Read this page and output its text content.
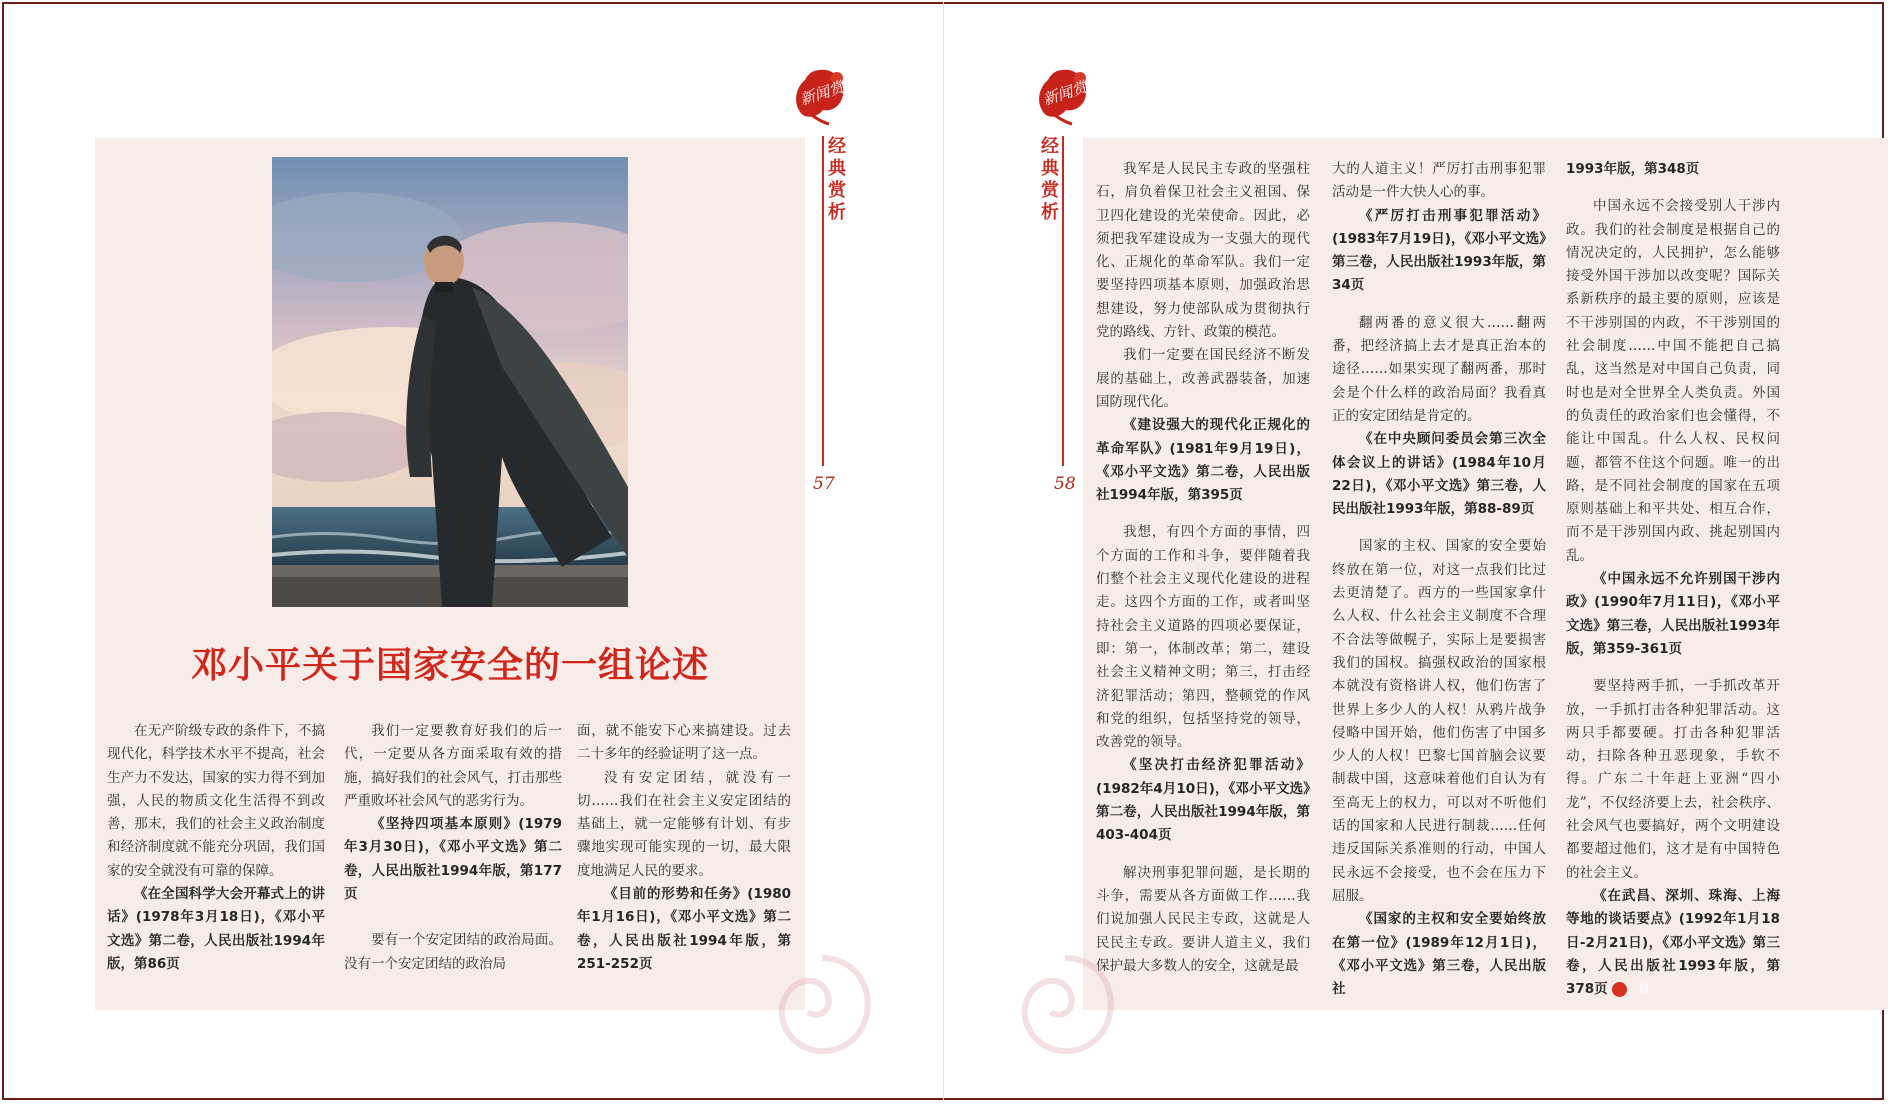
新闻赏析
经典赏析
57
邓小平关于国家安全的一组论述

在无产阶级专政的条件下，不搞现代化，科学技术水平不提高，社会生产力不发达，国家的实力得不到加强，人民的物质文化生活得不到改善，那末，我们的社会主义政治制度和经济制度就不能充分巩固，我们国家的安全就没有可靠的保障。

《在全国科学大会开幕式上的讲话》(1978年3月18日)，《邓小平文选》第二卷，人民出版社1994年版，第86页

我们一定要教育好我们的后一代，一定要从各方面采取有效的措施，搞好我们的社会风气，打击那些严重败坏社会风气的恶劣行为。

《坚持四项基本原则》(1979年3月30日)，《邓小平文选》第二卷，人民出版社1994年版，第177页

要有一个安定团结的政治局面。没有一个安定团结的政治局

面，就不能安下心来搞建设。过去二十多年的经验证明了这一点。

没有安定团结，就没有一切……我们在社会主义安定团结的基础上，就一定能够有计划、有步骤地实现可能实现的一切，最大限度地满足人民的要求。

《目前的形势和任务》(1980年1月16日)，《邓小平文选》第二卷，人民出版社1994年版，第251-252页

新闻赏析
经典赏析
58

我军是人民民主专政的坚强柱石，肩负着保卫社会主义祖国、保卫四化建设的光荣使命。因此，必须把我军建设成为一支强大的现代化、正规化的革命军队。我们一定要坚持四项基本原则，加强政治思想建设，努力使部队成为贯彻执行党的路线、方针、政策的模范。

我们一定要在国民经济不断发展的基础上，改善武器装备，加速国防现代化。

《建设强大的现代化正规化的革命军队》(1981年9月19日)，《邓小平文选》第二卷，人民出版社1994年版，第395页

我想，有四个方面的事情，四个方面的工作和斗争，要伴随着我们整个社会主义现代化建设的进程走。这四个方面的工作，或者叫坚持社会主义道路的四项必要保证，即：第一，体制改革；第二，建设社会主义精神文明；第三，打击经济犯罪活动；第四，整顿党的作风和党的组织，包括坚持党的领导，改善党的领导。

《坚决打击经济犯罪活动》(1982年4月10日)，《邓小平文选》第二卷，人民出版社1994年版，第403-404页

解决刑事犯罪问题，是长期的斗争，需要从各方面做工作……我们说加强人民民主专政，这就是人民民主专政。要讲人道主义，我们保护最大多数人的安全，这就是最

大的人道主义！严厉打击刑事犯罪活动是一件大快人心的事。

《严厉打击刑事犯罪活动》(1983年7月19日)，《邓小平文选》第三卷，人民出版社1993年版，第34页

翻两番的意义很大……翻两番，把经济搞上去才是真正治本的途径……如果实现了翻两番，那时会是个什么样的政治局面？我看真正的安定团结是肯定的。

《在中央顾问委员会第三次全体会议上的讲话》(1984年10月22日)，《邓小平文选》第三卷，人民出版社1993年版，第88-89页

国家的主权、国家的安全要始终放在第一位，对这一点我们比过去更清楚了。西方的一些国家拿什么人权、什么社会主义制度不合理不合法等做幌子，实际上是要损害我们的国权。搞强权政治的国家根本就没有资格讲人权，他们伤害了世界上多少人的人权！从鸦片战争侵略中国开始，他们伤害了中国多少人的人权！巴黎七国首脑会议要制裁中国，这意味着他们自认为有至高无上的权力，可以对不听他们话的国家和人民进行制裁……任何违反国际关系准则的行动，中国人民永远不会接受，也不会在压力下屈服。

《国家的主权和安全要始终放在第一位》(1989年12月1日)，《邓小平文选》第三卷，人民出版社

1993年版，第348页

中国永远不会接受别人干涉内政。我们的社会制度是根据自己的情况决定的，人民拥护，怎么能够接受外国干涉加以改变呢？国际关系新秩序的最主要的原则，应该是不干涉别国的内政，不干涉别国的社会制度……中国不能把自己搞乱，这当然是对中国自己负责，同时也是对全世界全人类负责。外国的负责任的政治家们也会懂得，不能让中国乱。什么人权、民权问题，都管不住这个问题。唯一的出路，是不同社会制度的国家在五项原则基础上和平共处、相互合作，而不是干涉别国内政、挑起别国内乱。

《中国永远不允许别国干涉内政》(1990年7月11日)，《邓小平文选》第三卷，人民出版社1993年版，第359-361页

要坚持两手抓，一手抓改革开放，一手抓打击各种犯罪活动。这两只手都要硬。打击各种犯罪活动，扫除各种丑恶现象，手软不得。广东二十年赶上亚洲“四小龙”，不仅经济要上去，社会秩序、社会风气也要搞好，两个文明建设都要超过他们，这才是有中国特色的社会主义。

《在武昌、深圳、珠海、上海等地的谈话要点》(1992年1月18日-2月21日)，《邓小平文选》第三卷，人民出版社1993年版，第378页	信
